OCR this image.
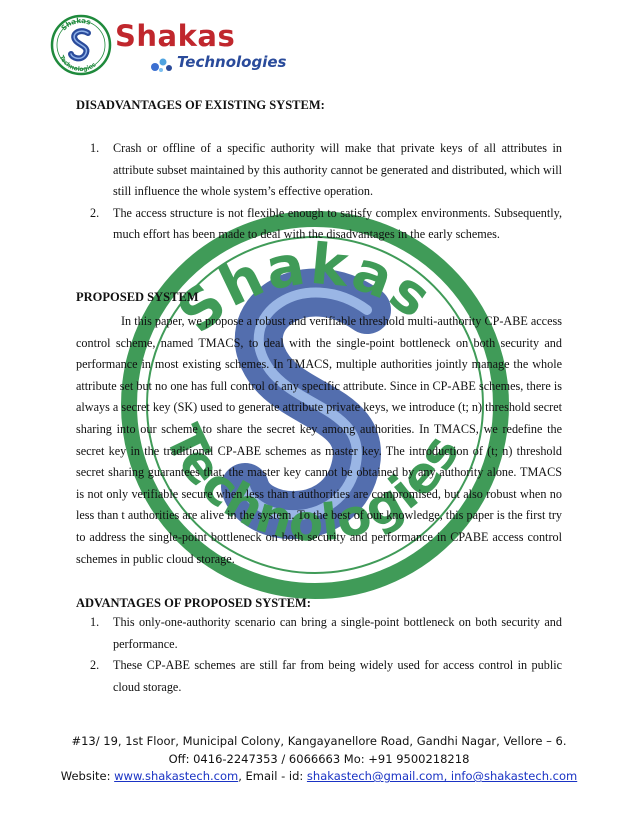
Shakas
Technologies
Shakas
Technologies
Shakas
Technologies
DISADVANTAGES OF EXISTING SYSTEM:
1. Crash or offline of a specific authority will make that private keys of all attributes in attribute subset maintained by this authority cannot be generated and distributed, which will still influence the whole system’s effective operation.
2. The access structure is not flexible enough to satisfy complex environments. Subsequently, much effort has been made to deal with the disadvantages in the early schemes.
PROPOSED SYSTEM

In this paper, we propose a robust and verifiable threshold multi-authority CP-ABE access control scheme, named TMACS, to deal with the single-point bottleneck on both security and performance in most existing schemes. In TMACS, multiple authorities jointly manage the whole attribute set but no one has full control of any specific attribute. Since in CP-ABE schemes, there is always a secret key (SK) used to generate attribute private keys, we introduce (t; n) threshold secret sharing into our scheme to share the secret key among authorities. In TMACS, we redefine the secret key in the traditional CP-ABE schemes as master key. The introduction of (t; n) threshold secret sharing guarantees that, the master key cannot be obtained by any authority alone. TMACS is not only verifiable secure when less than t authorities are compromised, but also robust when no less than t authorities are alive in the system. To the best of our knowledge, this paper is the first try to address the single-point bottleneck on both security and performance in CPABE access control schemes in public cloud storage.

ADVANTAGES OF PROPOSED SYSTEM:
1. This only-one-authority scenario can bring a single-point bottleneck on both security and performance.
2. These CP-ABE schemes are still far from being widely used for access control in public cloud storage.
#13/ 19, 1st Floor, Municipal Colony, Kangayanellore Road, Gandhi Nagar, Vellore – 6.
Off: 0416-2247353 / 6066663 Mo: +91 9500218218
Website: www.shakastech.com, Email - id: shakastech@gmail.com, info@shakastech.com
